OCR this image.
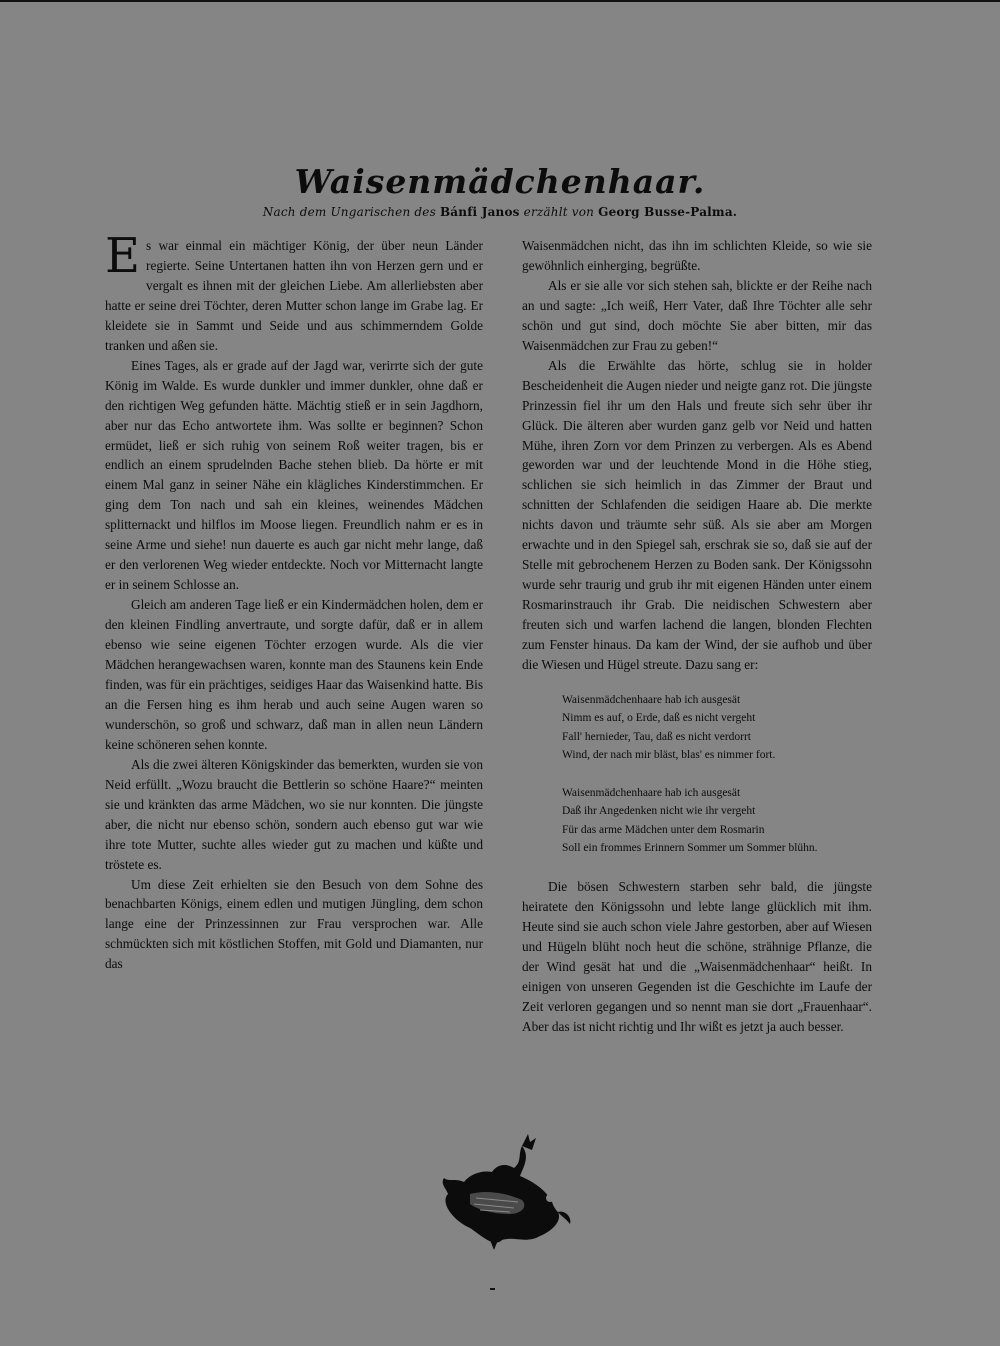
Waisenmädchenhaar.
Nach dem Ungarischen des Bánfi Janos erzählt von Georg Busse-Palma.

Es war einmal ein mächtiger König, der über neun Länder regierte. Seine Untertanen hatten ihn von Herzen gern und er vergalt es ihnen mit der gleichen Liebe. Am allerliebsten aber hatte er seine drei Töchter, deren Mutter schon lange im Grabe lag. Er kleidete sie in Sammt und Seide und aus schimmerndem Golde tranken und aßen sie.

Eines Tages, als er grade auf der Jagd war, verirrte sich der gute König im Walde. Es wurde dunkler und immer dunkler, ohne daß er den richtigen Weg gefunden hätte. Mächtig stieß er in sein Jagdhorn, aber nur das Echo antwortete ihm. Was sollte er beginnen? Schon ermüdet, ließ er sich ruhig von seinem Roß weiter tragen, bis er endlich an einem sprudelnden Bache stehen blieb. Da hörte er mit einem Mal ganz in seiner Nähe ein klägliches Kinderstimmchen. Er ging dem Ton nach und sah ein kleines, weinendes Mädchen splitternackt und hilflos im Moose liegen. Freundlich nahm er es in seine Arme und siehe! nun dauerte es auch gar nicht mehr lange, daß er den verlorenen Weg wieder entdeckte. Noch vor Mitternacht langte er in seinem Schlosse an.

Gleich am anderen Tage ließ er ein Kindermädchen holen, dem er den kleinen Findling anvertraute, und sorgte dafür, daß er in allem ebenso wie seine eigenen Töchter erzogen wurde. Als die vier Mädchen herangewachsen waren, konnte man des Staunens kein Ende finden, was für ein prächtiges, seidiges Haar das Waisenkind hatte. Bis an die Fersen hing es ihm herab und auch seine Augen waren so wunderschön, so groß und schwarz, daß man in allen neun Ländern keine schöneren sehen konnte.

Als die zwei älteren Königskinder das bemerkten, wurden sie von Neid erfüllt. „Wozu braucht die Bettlerin so schöne Haare?“ meinten sie und kränkten das arme Mädchen, wo sie nur konnten. Die jüngste aber, die nicht nur ebenso schön, sondern auch ebenso gut war wie ihre tote Mutter, suchte alles wieder gut zu machen und küßte und tröstete es.

Um diese Zeit erhielten sie den Besuch von dem Sohne des benachbarten Königs, einem edlen und mutigen Jüngling, dem schon lange eine der Prinzessinnen zur Frau versprochen war. Alle schmückten sich mit köstlichen Stoffen, mit Gold und Diamanten, nur das

Waisenmädchen nicht, das ihn im schlichten Kleide, so wie sie gewöhnlich einherging, begrüßte.

Als er sie alle vor sich stehen sah, blickte er der Reihe nach an und sagte: „Ich weiß, Herr Vater, daß Ihre Töchter alle sehr schön und gut sind, doch möchte Sie aber bitten, mir das Waisenmädchen zur Frau zu geben!“

Als die Erwählte das hörte, schlug sie in holder Bescheidenheit die Augen nieder und neigte ganz rot. Die jüngste Prinzessin fiel ihr um den Hals und freute sich sehr über ihr Glück. Die älteren aber wurden ganz gelb vor Neid und hatten Mühe, ihren Zorn vor dem Prinzen zu verbergen. Als es Abend geworden war und der leuchtende Mond in die Höhe stieg, schlichen sie sich heimlich in das Zimmer der Braut und schnitten der Schlafenden die seidigen Haare ab. Die merkte nichts davon und träumte sehr süß. Als sie aber am Morgen erwachte und in den Spiegel sah, erschrak sie so, daß sie auf der Stelle mit gebrochenem Herzen zu Boden sank. Der Königssohn wurde sehr traurig und grub ihr mit eigenen Händen unter einem Rosmarinstrauch ihr Grab. Die neidischen Schwestern aber freuten sich und warfen lachend die langen, blonden Flechten zum Fenster hinaus. Da kam der Wind, der sie aufhob und über die Wiesen und Hügel streute. Dazu sang er:

Waisenmädchenhaare hab ich ausgesät
Nimm es auf, o Erde, daß es nicht vergeht
Fall' hernieder, Tau, daß es nicht verdorrt
Wind, der nach mir bläst, blas' es nimmer fort.
Waisenmädchenhaare hab ich ausgesät
Daß ihr Angedenken nicht wie ihr vergeht
Für das arme Mädchen unter dem Rosmarin
Soll ein frommes Erinnern Sommer um Sommer blühn.

Die bösen Schwestern starben sehr bald, die jüngste heiratete den Königssohn und lebte lange glücklich mit ihm. Heute sind sie auch schon viele Jahre gestorben, aber auf Wiesen und Hügeln blüht noch heut die schöne, strähnige Pflanze, die der Wind gesät hat und die „Waisenmädchenhaar“ heißt. In einigen von unseren Gegenden ist die Geschichte im Laufe der Zeit verloren gegangen und so nennt man sie dort „Frauenhaar“. Aber das ist nicht richtig und Ihr wißt es jetzt ja auch besser.
